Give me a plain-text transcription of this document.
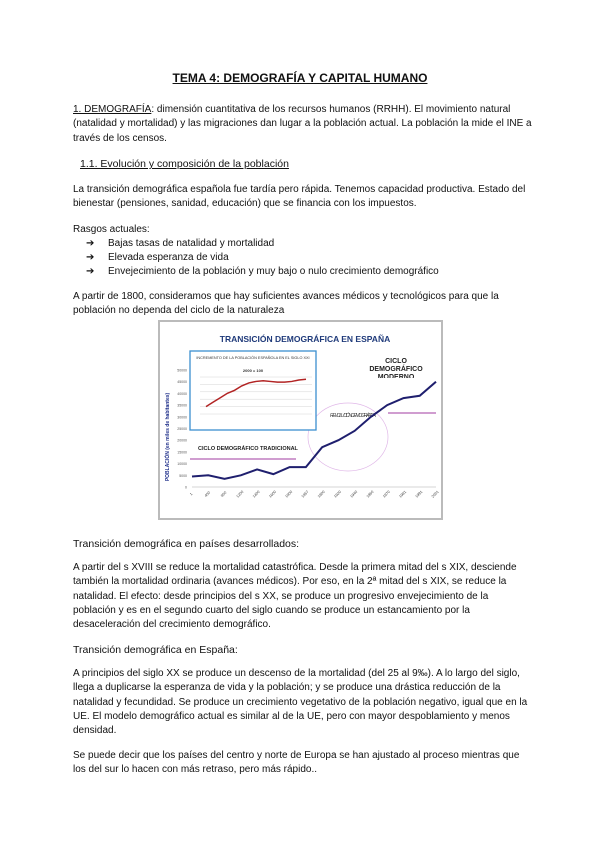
TEMA 4: DEMOGRAFÍA Y CAPITAL HUMANO

1. DEMOGRAFÍA: dimensión cuantitativa de los recursos humanos (RRHH). El movimiento natural (natalidad y mortalidad) y las migraciones dan lugar a la población actual. La población la mide el INE a través de los censos.

1.1. Evolución y composición de la población

La transición demográfica española fue tardía pero rápida. Tenemos capacidad productiva. Estado del bienestar (pensiones, sanidad, educación) que se financia con los impuestos.

Rasgos actuales:

➔ Bajas tasas de natalidad y mortalidad

➔ Elevada esperanza de vida

➔ Envejecimiento de la población y muy bajo o nulo crecimiento demográfico

A partir de 1800, consideramos que hay suficientes avances médicos y tecnológicos para que la población no dependa del ciclo de la naturaleza

TRANSICIÓN DEMOGRÁFICA EN ESPAÑA
POBLACIÓN (en miles de habitantes)
0
5000
10000
15000
20000
25000
30000
35000
40000
45000
50000
1	400 800 1200 1400 1600 1800 1857 1900 1920 1940 1960 1970 1981 1991 2001
CICLO DEMOGRÁFICO TRADICIONAL
REVOLUCIÓN DEMOGRÁFICA
CICLO DEMOGRÁFICO MODERNO
INCREMENTO DE LA POBLACIÓN ESPAÑOLA EN EL SIGLO XXI
2000 = 100

Transición demográfica en países desarrollados:

A partir del s XVIII se reduce la mortalidad catastrófica. Desde la primera mitad del s XIX, desciende también la mortalidad ordinaria (avances médicos). Por eso, en la 2ª mitad del s XIX, se reduce la natalidad. El efecto: desde principios del s XX, se produce un progresivo envejecimiento de la población y es en el segundo cuarto del siglo cuando se produce un estancamiento por la desaceleración del crecimiento demográfico.

Transición demográfica en España:

A principios del siglo XX se produce un descenso de la mortalidad (del 25 al 9‰). A lo largo del siglo, llega a duplicarse la esperanza de vida y la población; y se produce una drástica reducción de la natalidad y fecundidad. Se produce un crecimiento vegetativo de la población negativo, igual que en la UE. El modelo demográfico actual es similar al de la UE, pero con mayor despoblamiento y menos densidad.

Se puede decir que los países del centro y norte de Europa se han ajustado al proceso mientras que los del sur lo hacen con más retraso, pero más rápido..
